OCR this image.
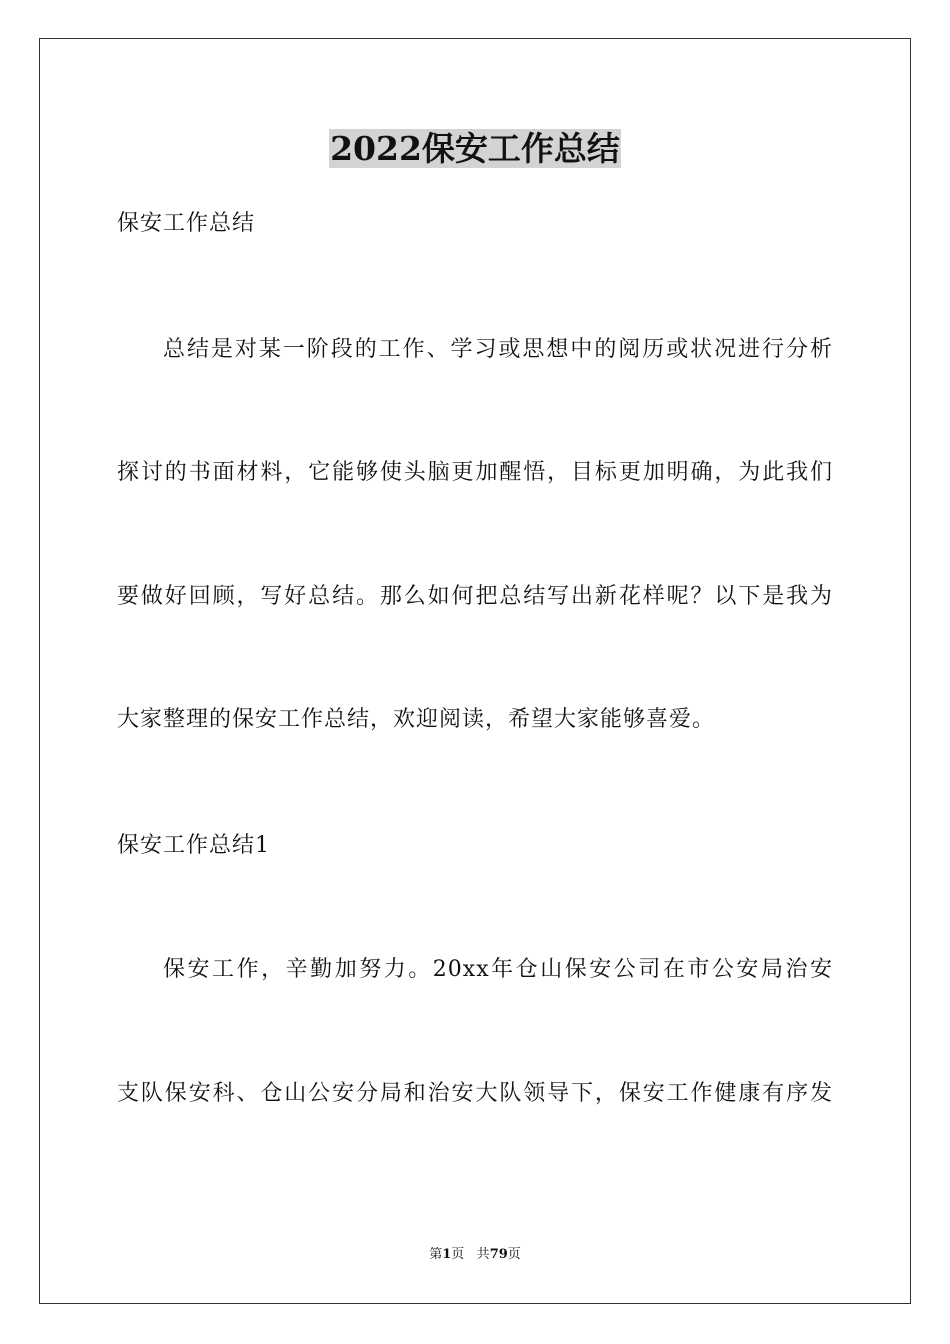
2022保安工作总结
保安工作总结
总结是对某一阶段的工作、学习或思想中的阅历或状况进行分析
探讨的书面材料，它能够使头脑更加醒悟，目标更加明确，为此我们
要做好回顾，写好总结。那么如何把总结写出新花样呢？以下是我为
大家整理的保安工作总结，欢迎阅读，希望大家能够喜爱。
保安工作总结1
保安工作，辛勤加努力。20xx年仓山保安公司在市公安局治安
支队保安科、仓山公安分局和治安大队领导下，保安工作健康有序发
第1页 共79页
